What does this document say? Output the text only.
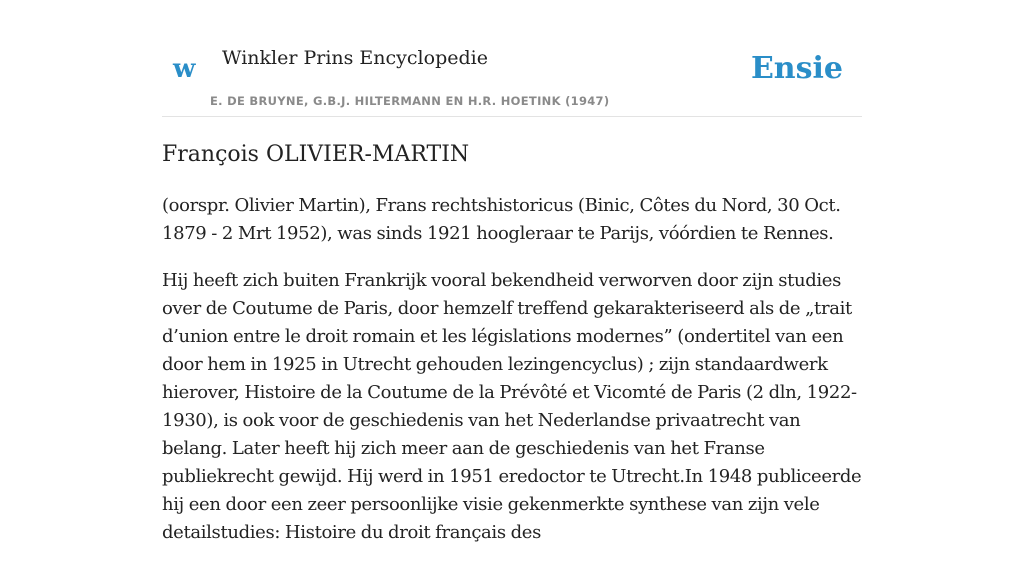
w Winkler Prins Encyclopedie
E. DE BRUYNE, G.B.J. HILTERMANN EN H.R. HOETINK (1947)
Ensie
François OLIVIER-MARTIN

(oorspr. Olivier Martin), Frans rechtshistoricus (Binic, Côtes du Nord, 30 Oct. 1879 - 2 Mrt 1952), was sinds 1921 hoogleraar te Parijs, vóórdien te Rennes.

Hij heeft zich buiten Frankrijk vooral bekendheid verworven door zijn studies over de Coutume de Paris, door hemzelf treffend gekarakteriseerd als de „trait d’union entre le droit romain et les législations modernes” (ondertitel van een door hem in 1925 in Utrecht gehouden lezingencyclus) ; zijn standaardwerk hierover, Histoire de la Coutume de la Prévôté et Vicomté de Paris (2 dln, 1922-1930), is ook voor de geschiedenis van het Nederlandse privaatrecht van belang. Later heeft hij zich meer aan de geschiedenis van het Franse publiekrecht gewijd. Hij werd in 1951 eredoctor te Utrecht.In 1948 publiceerde hij een door een zeer persoonlijke visie gekenmerkte synthese van zijn vele detailstudies: Histoire du droit français des
